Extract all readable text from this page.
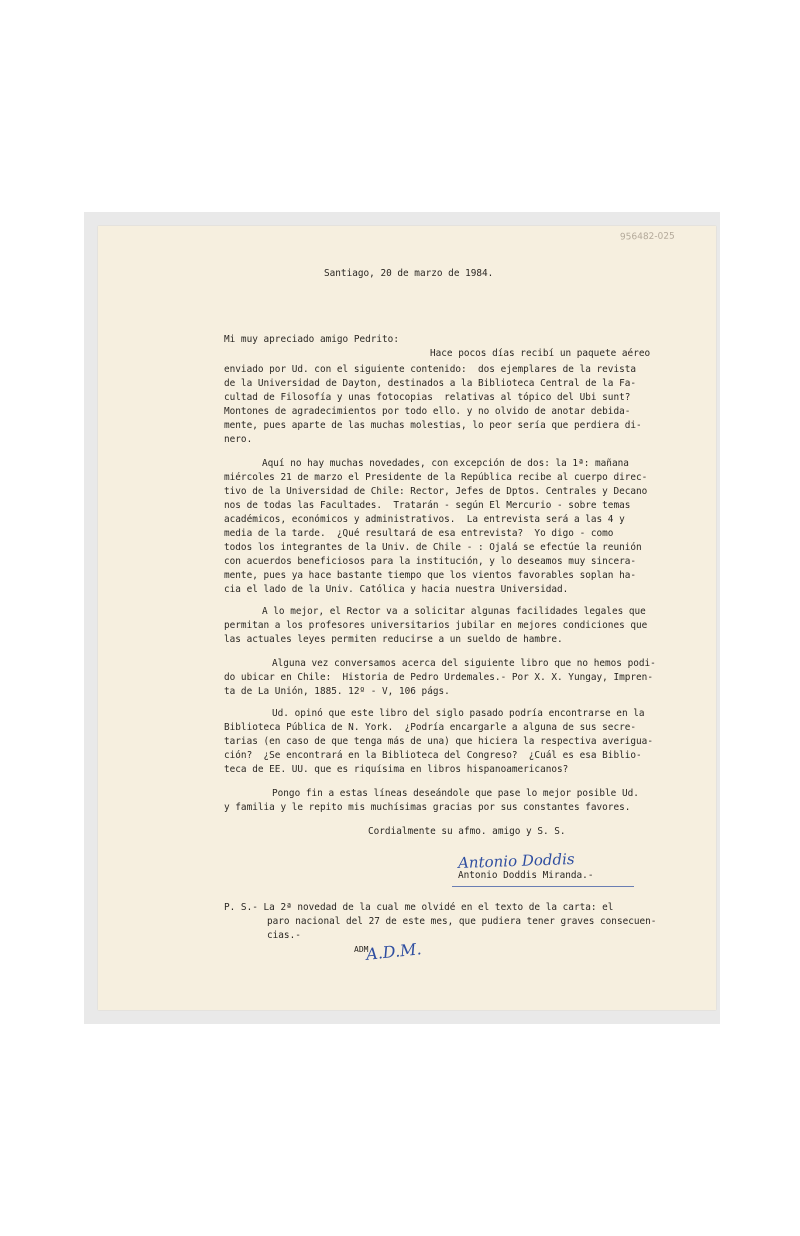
956482-025
Santiago, 20 de marzo de 1984.
Mi muy apreciado amigo Pedrito:
Hace pocos días recibí un paquete aéreo
enviado por Ud. con el siguiente contenido:  dos ejemplares de la revista
de la Universidad de Dayton, destinados a la Biblioteca Central de la Fa-
cultad de Filosofía y unas fotocopias  relativas al tópico del Ubi sunt?
Montones de agradecimientos por todo ello. y no olvido de anotar debida-
mente, pues aparte de las muchas molestias, lo peor sería que perdiera di-
nero.
Aquí no hay muchas novedades, con excepción de dos: la 1ª: mañana
miércoles 21 de marzo el Presidente de la República recibe al cuerpo direc-
tivo de la Universidad de Chile: Rector, Jefes de Dptos. Centrales y Decano
nos de todas las Facultades.  Tratarán - según El Mercurio - sobre temas
académicos, económicos y administrativos.  La entrevista será a las 4 y
media de la tarde.  ¿Qué resultará de esa entrevista?  Yo digo - como
todos los integrantes de la Univ. de Chile - : Ojalá se efectúe la reunión
con acuerdos beneficiosos para la institución, y lo deseamos muy sincera-
mente, pues ya hace bastante tiempo que los vientos favorables soplan ha-
cia el lado de la Univ. Católica y hacia nuestra Universidad.
A lo mejor, el Rector va a solicitar algunas facilidades legales que
permitan a los profesores universitarios jubilar en mejores condiciones que
las actuales leyes permiten reducirse a un sueldo de hambre.
Alguna vez conversamos acerca del siguiente libro que no hemos podi-
do ubicar en Chile:  Historia de Pedro Urdemales.- Por X. X. Yungay, Impren-
ta de La Unión, 1885. 12º - V, 106 págs.
Ud. opinó que este libro del siglo pasado podría encontrarse en la
Biblioteca Pública de N. York.  ¿Podría encargarle a alguna de sus secre-
tarias (en caso de que tenga más de una) que hiciera la respectiva averigua-
ción?  ¿Se encontrará en la Biblioteca del Congreso?  ¿Cuál es esa Biblio-
teca de EE. UU. que es riquísima en libros hispanoamericanos?
Pongo fin a estas líneas deseándole que pase lo mejor posible Ud.
y familia y le repito mis muchísimas gracias por sus constantes favores.
Cordialmente su afmo. amigo y S. S.
Antonio Doddis
Antonio Doddis Miranda.-
P. S.- La 2ª novedad de la cual me olvidé en el texto de la carta: el
paro nacional del 27 de este mes, que pudiera tener graves consecuen-
cias.-
ADM
A.D.M.
